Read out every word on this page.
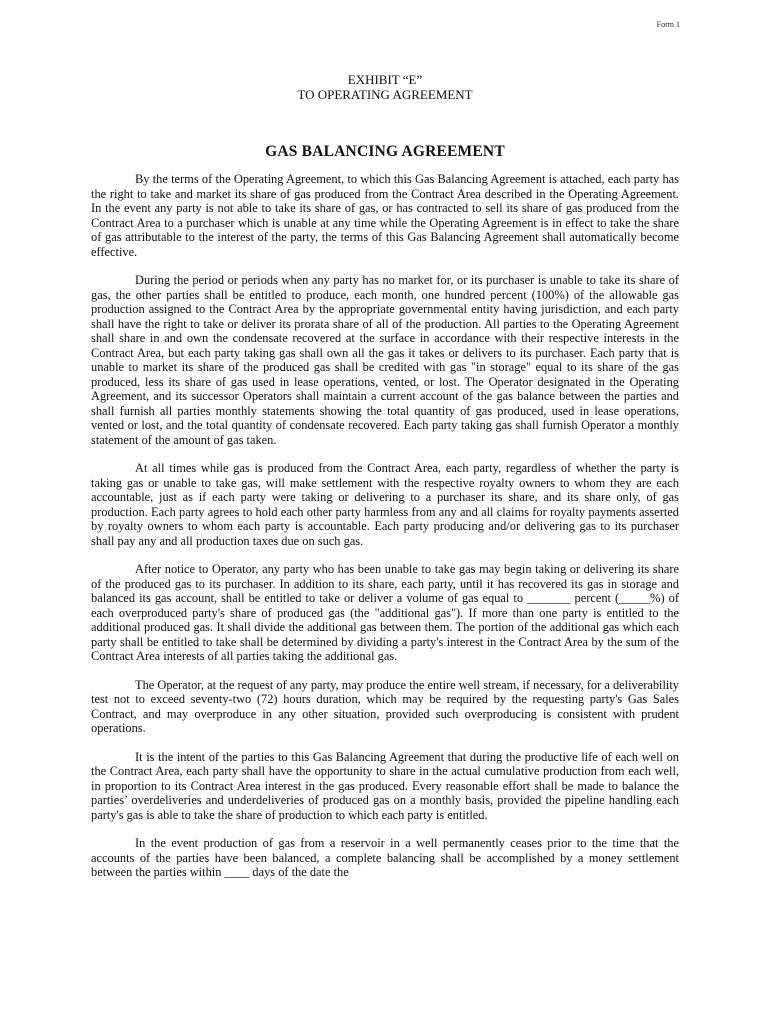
Form 1
EXHIBIT “E”
TO OPERATING AGREEMENT
GAS BALANCING AGREEMENT

By the terms of the Operating Agreement, to which this Gas Balancing Agreement is attached, each party has the right to take and market its share of gas produced from the Contract Area described in the Operating Agreement. In the event any party is not able to take its share of gas, or has contracted to sell its share of gas produced from the Contract Area to a purchaser which is unable at any time while the Operating Agreement is in effect to take the share of gas attributable to the interest of the party, the terms of this Gas Balancing Agreement shall automatically become effective.

During the period or periods when any party has no market for, or its purchaser is unable to take its share of gas, the other parties shall be entitled to produce, each month, one hundred percent (100%) of the allowable gas production assigned to the Contract Area by the appropriate governmental entity having jurisdiction, and each party shall have the right to take or deliver its prorata share of all of the production. All parties to the Operating Agreement shall share in and own the condensate recovered at the surface in accordance with their respective interests in the Contract Area, but each party taking gas shall own all the gas it takes or delivers to its purchaser. Each party that is unable to market its share of the produced gas shall be credited with gas "in storage" equal to its share of the gas produced, less its share of gas used in lease operations, vented, or lost. The Operator designated in the Operating Agreement, and its successor Operators shall maintain a current account of the gas balance between the parties and shall furnish all parties monthly statements showing the total quantity of gas produced, used in lease operations, vented or lost, and the total quantity of condensate recovered. Each party taking gas shall furnish Operator a monthly statement of the amount of gas taken.

At all times while gas is produced from the Contract Area, each party, regardless of whether the party is taking gas or unable to take gas, will make settlement with the respective royalty owners to whom they are each accountable, just as if each party were taking or delivering to a purchaser its share, and its share only, of gas production. Each party agrees to hold each other party harmless from any and all claims for royalty payments asserted by royalty owners to whom each party is accountable. Each party producing and/or delivering gas to its purchaser shall pay any and all production taxes due on such gas.

After notice to Operator, any party who has been unable to take gas may begin taking or delivering its share of the produced gas to its purchaser. In addition to its share, each party, until it has recovered its gas in storage and balanced its gas account, shall be entitled to take or deliver a volume of gas equal to _______ percent (_____%) of each overproduced party's share of produced gas (the "additional gas"). If more than one party is entitled to the additional produced gas. It shall divide the additional gas between them. The portion of the additional gas which each party shall be entitled to take shall be determined by dividing a party's interest in the Contract Area by the sum of the Contract Area interests of all parties taking the additional gas.

The Operator, at the request of any party, may produce the entire well stream, if necessary, for a deliverability test not to exceed seventy-two (72) hours duration, which may be required by the requesting party's Gas Sales Contract, and may overproduce in any other situation, provided such overproducing is consistent with prudent operations.

It is the intent of the parties to this Gas Balancing Agreement that during the productive life of each well on the Contract Area, each party shall have the opportunity to share in the actual cumulative production from each well, in proportion to its Contract Area interest in the gas produced. Every reasonable effort shall be made to balance the parties’ overdeliveries and underdeliveries of produced gas on a monthly basis, provided the pipeline handling each party's gas is able to take the share of production to which each party is entitled.

In the event production of gas from a reservoir in a well permanently ceases prior to the time that the accounts of the parties have been balanced, a complete balancing shall be accomplished by a money settlement between the parties within ____ days of the date the
